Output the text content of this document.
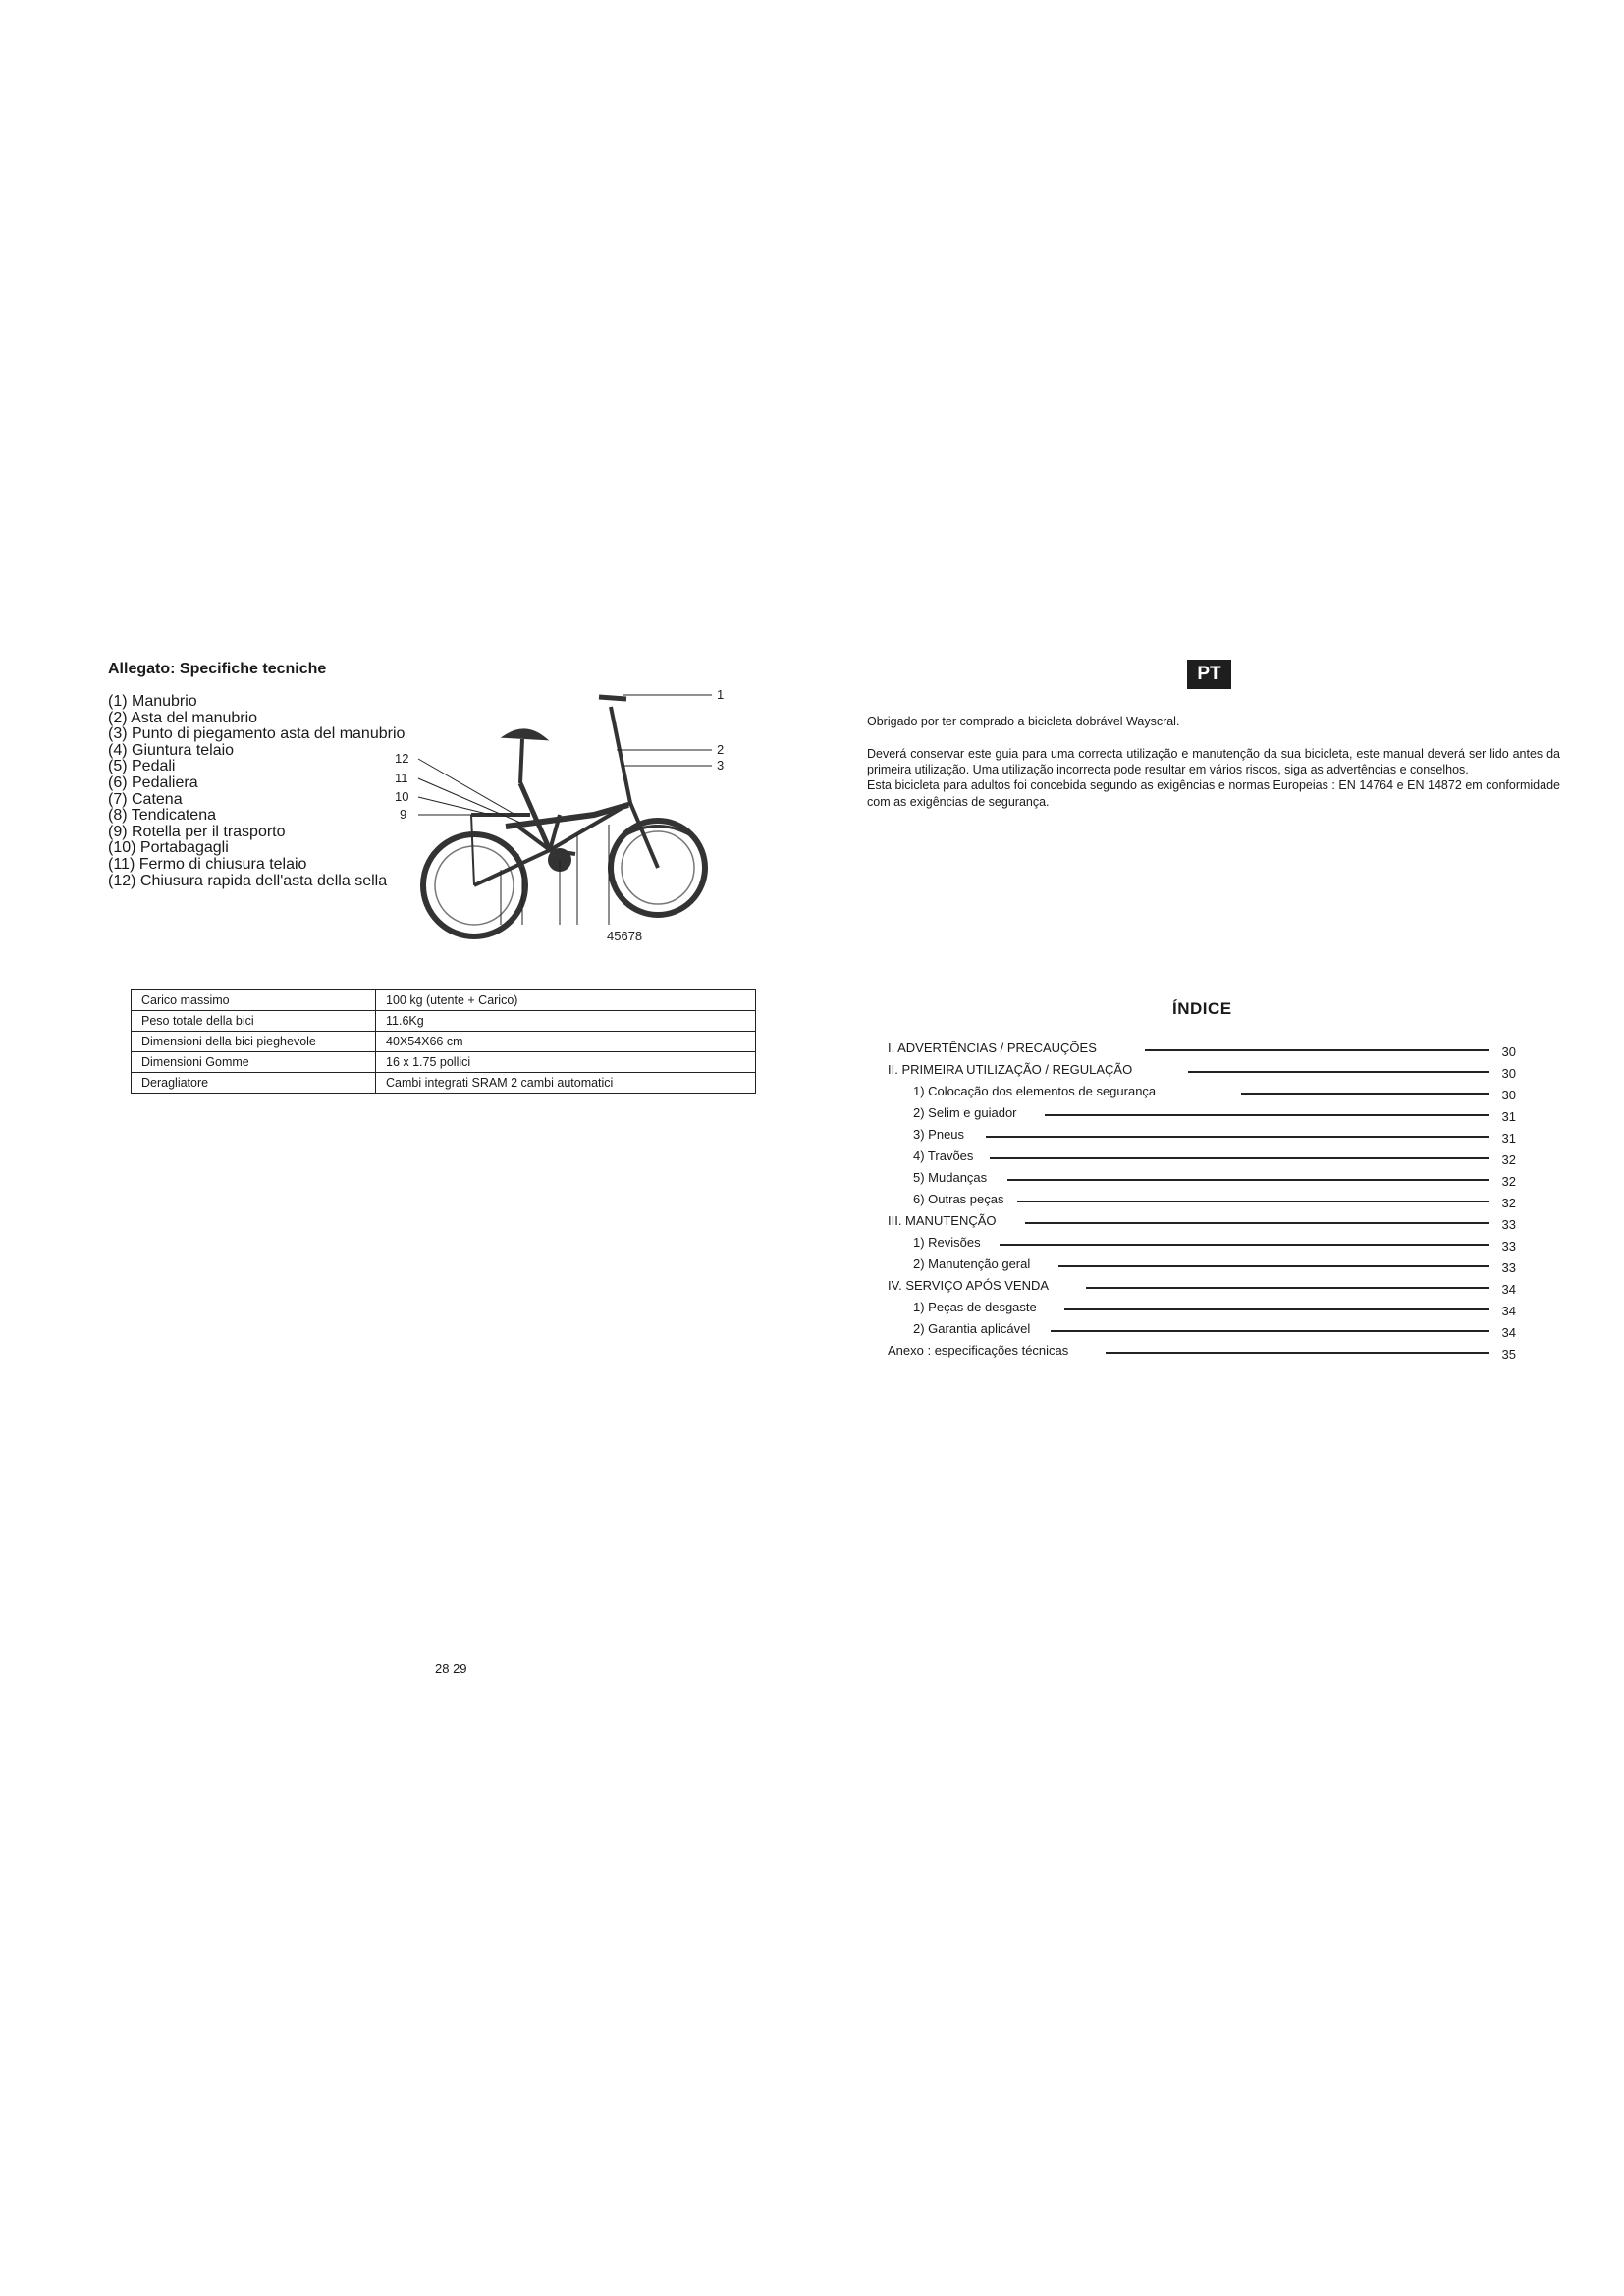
Allegato: Specifiche tecniche
(1) Manubrio
(2) Asta del manubrio
(3) Punto di piegamento asta del manubrio
(4) Giuntura telaio
(5) Pedali
(6) Pedaliera
(7) Catena
(8) Tendicatena
(9) Rotella per il trasporto
(10) Portabagagli
(11) Fermo di chiusura telaio
(12) Chiusura rapida dell'asta della sella
1
2
3
12
11
10
9
45678
Carico massimo	100 kg (utente + Carico)
Peso totale della bici	11.6Kg
Dimensioni della bici pieghevole	40X54X66 cm
Dimensioni Gomme	16 x 1.75 pollici
Deragliatore	Cambi integrati SRAM 2 cambi automatici
28 29
PT
Obrigado por ter comprado a bicicleta dobrável Wayscral.

Deverá conservar este guia para uma correcta utilização e manutenção da sua bicicleta, este manual deverá ser lido antes da primeira utilização. Uma utilização incorrecta pode resultar em vários riscos, siga as advertências e conselhos.

Esta bicicleta para adultos foi concebida segundo as exigências e normas Europeias : EN 14764 e EN 14872 em conformidade com as exigências de segurança.

ÍNDICE
I. ADVERTÊNCIAS / PRECAUÇÕES	30
II. PRIMEIRA UTILIZAÇÃO / REGULAÇÃO	30
1) Colocação dos elementos de segurança	30
2) Selim e guiador	31
3) Pneus	31
4) Travões	32
5) Mudanças	32
6) Outras peças	32
III. MANUTENÇÃO	33
1) Revisões	33
2) Manutenção geral	33
IV. SERVIÇO APÓS VENDA	34
1) Peças de desgaste	34
2) Garantia aplicável	34
Anexo : especificações técnicas	35
